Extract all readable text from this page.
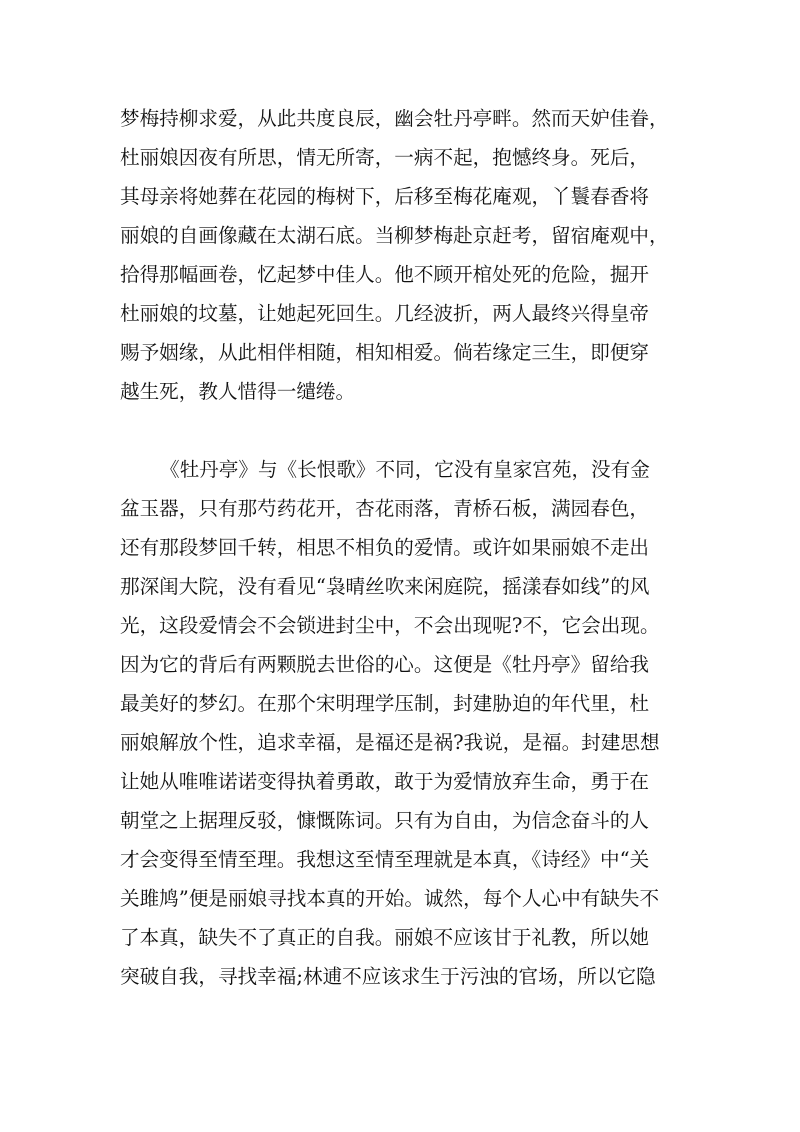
梦梅持柳求爱，从此共度良辰，幽会牡丹亭畔。然而天妒佳眷，
杜丽娘因夜有所思，情无所寄，一病不起，抱憾终身。死后，
其母亲将她葬在花园的梅树下，后移至梅花庵观，丫鬟春香将
丽娘的自画像藏在太湖石底。当柳梦梅赴京赶考，留宿庵观中，
拾得那幅画卷，忆起梦中佳人。他不顾开棺处死的危险，掘开
杜丽娘的坟墓，让她起死回生。几经波折，两人最终兴得皇帝
赐予姻缘，从此相伴相随，相知相爱。倘若缘定三生，即便穿
越生死，教人惜得一缱绻。
《牡丹亭》与《长恨歌》不同，它没有皇家宫苑，没有金
盆玉器，只有那芍药花开，杏花雨落，青桥石板，满园春色，
还有那段梦回千转，相思不相负的爱情。或许如果丽娘不走出
那深闺大院，没有看见“袅晴丝吹来闲庭院，摇漾春如线”的风
光，这段爱情会不会锁进封尘中，不会出现呢?不，它会出现。
因为它的背后有两颗脱去世俗的心。这便是《牡丹亭》留给我
最美好的梦幻。在那个宋明理学压制，封建胁迫的年代里，杜
丽娘解放个性，追求幸福，是福还是祸?我说，是福。封建思想
让她从唯唯诺诺变得执着勇敢，敢于为爱情放弃生命，勇于在
朝堂之上据理反驳，慷慨陈词。只有为自由，为信念奋斗的人
才会变得至情至理。我想这至情至理就是本真，《诗经》中“关
关雎鸠”便是丽娘寻找本真的开始。诚然，每个人心中有缺失不
了本真，缺失不了真正的自我。丽娘不应该甘于礼教，所以她
突破自我，寻找幸福;林逋不应该求生于污浊的官场，所以它隐
